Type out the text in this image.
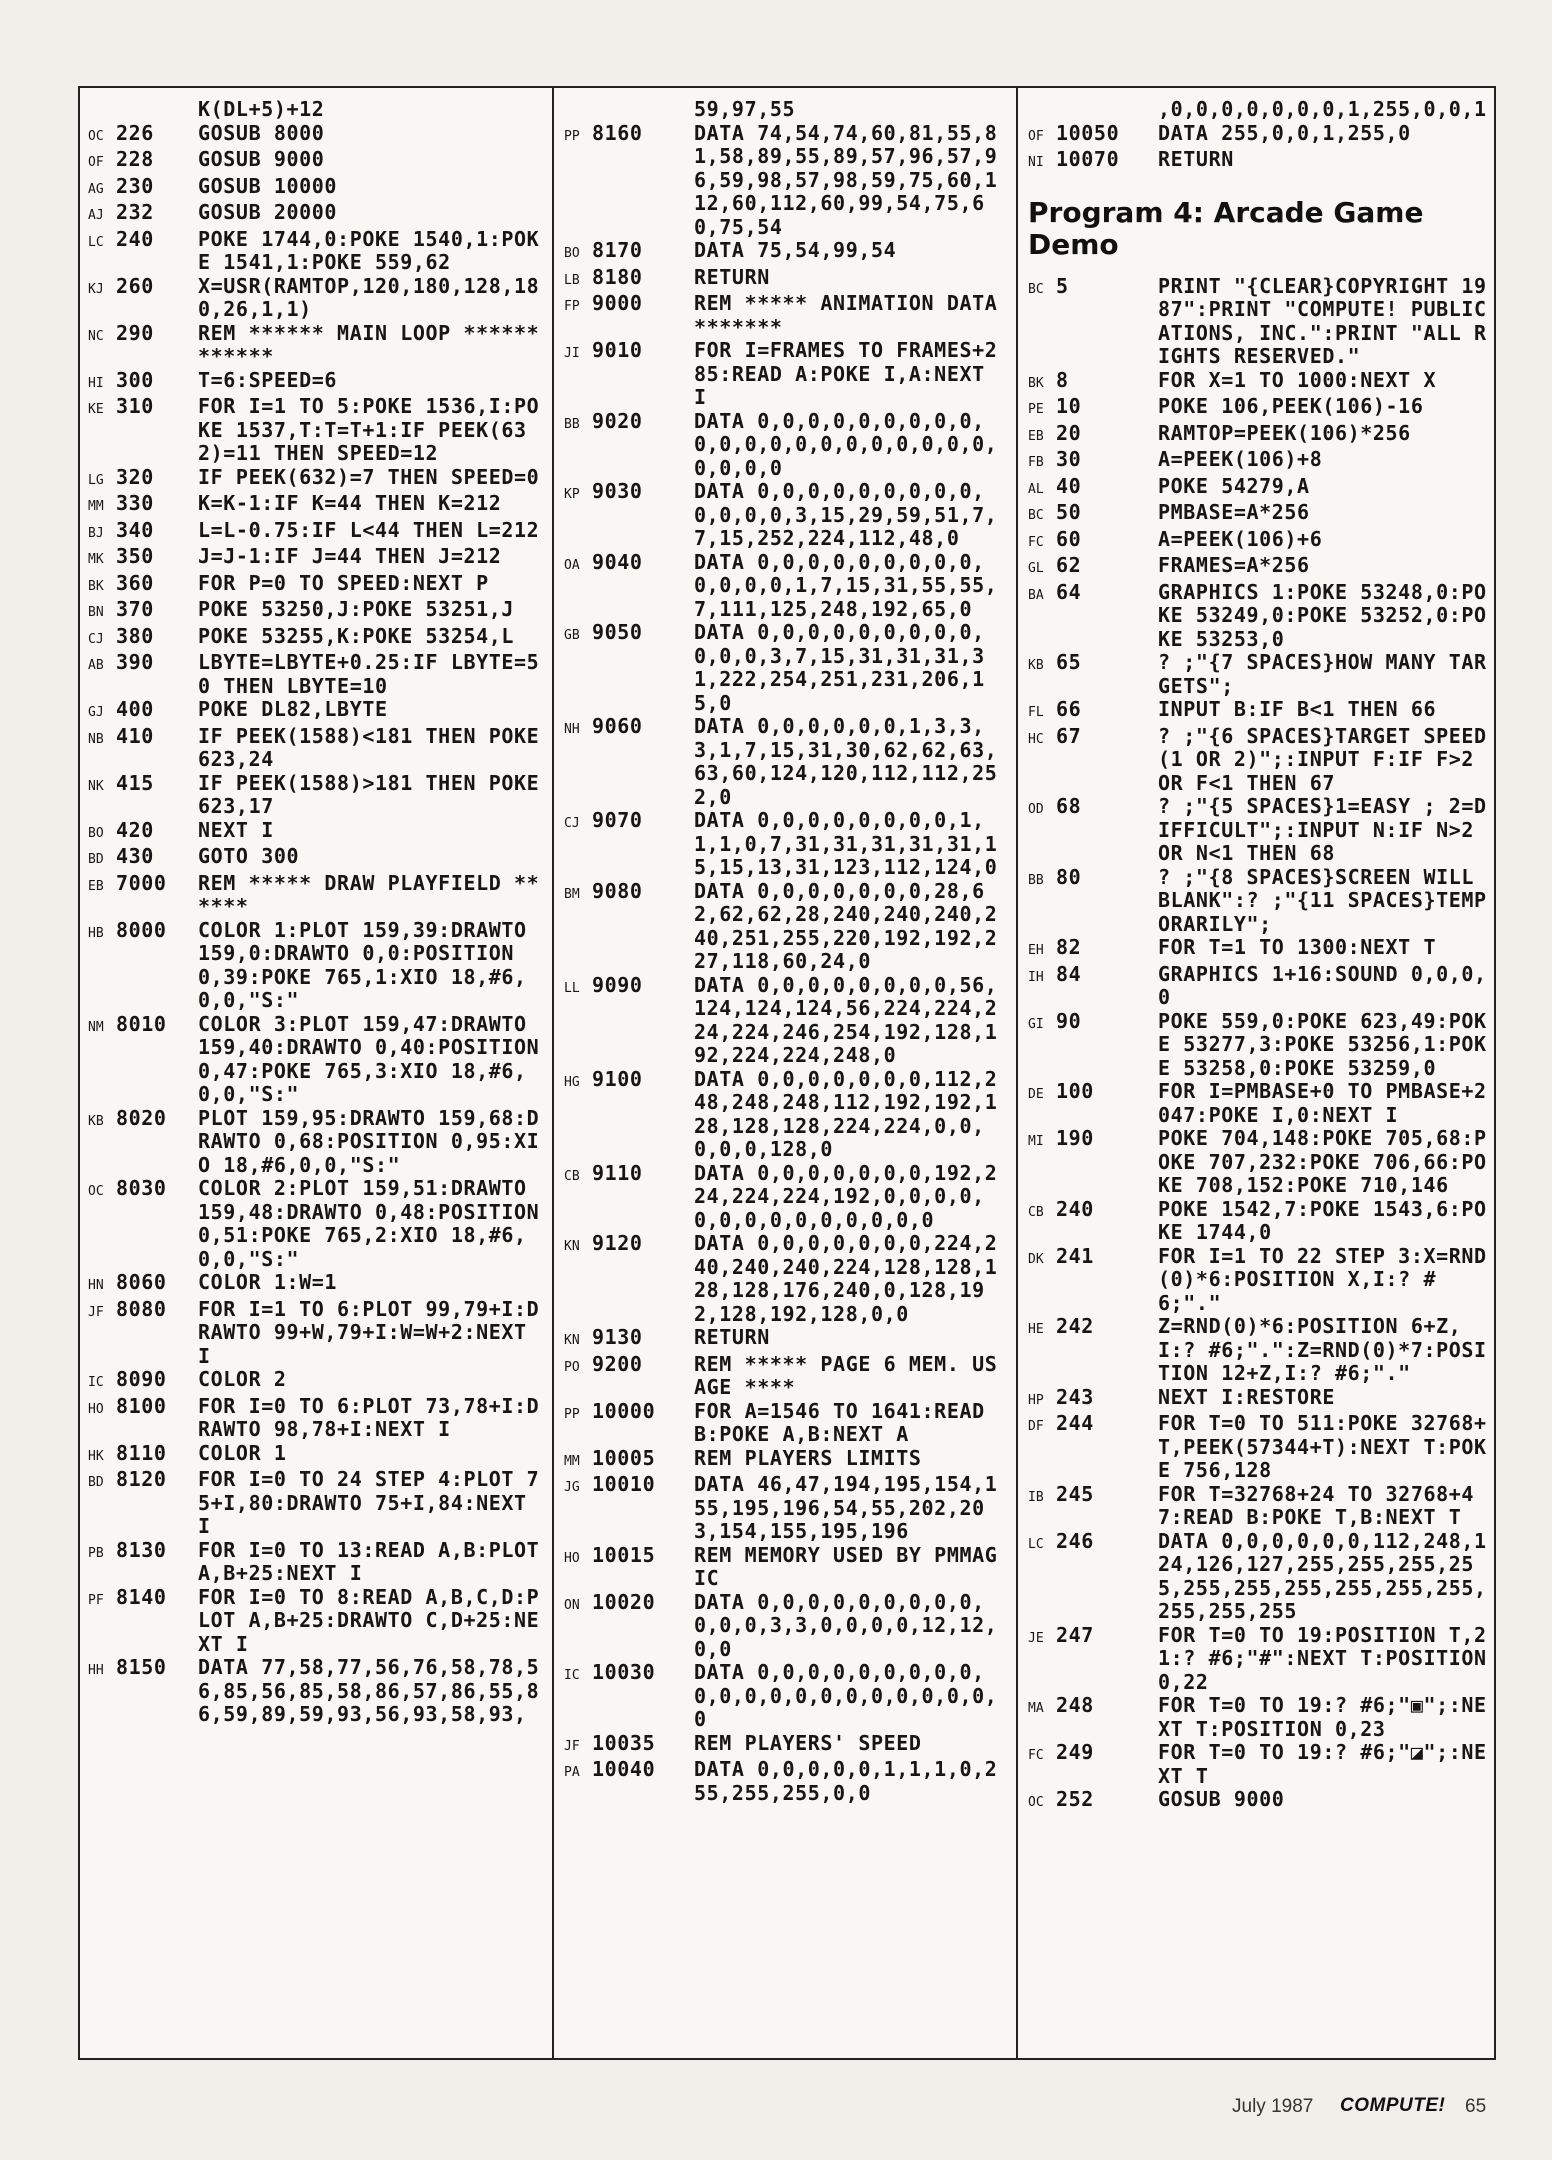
K(DL+5)+12
OC 226	GOSUB 8000
OF 228	GOSUB 9000
AG 230	GOSUB 10000
AJ 232	GOSUB 20000
LC 240	POKE 1744,0:POKE 1540,1:POKE 1541,1:POKE 559,62
KJ 260	X=USR(RAMTOP,120,180,128,180,26,1,1)
NC 290	REM ****** MAIN LOOP ************
HI 300	T=6:SPEED=6
KE 310	FOR I=1 TO 5:POKE 1536,I:POKE 1537,T:T=T+1:IF PEEK(632)=11 THEN SPEED=12
LG 320	IF PEEK(632)=7 THEN SPEED=0
MM 330	K=K-1:IF K=44 THEN K=212
BJ 340	L=L-0.75:IF L<44 THEN L=212
MK 350	J=J-1:IF J=44 THEN J=212
BK 360	FOR P=0 TO SPEED:NEXT P
BN 370	POKE 53250,J:POKE 53251,J
CJ 380	POKE 53255,K:POKE 53254,L
AB 390	LBYTE=LBYTE+0.25:IF LBYTE=50 THEN LBYTE=10
GJ 400	POKE DL82,LBYTE
NB 410	IF PEEK(1588)<181 THEN POKE 623,24
NK 415	IF PEEK(1588)>181 THEN POKE 623,17
BO 420	NEXT I
BD 430	GOTO 300
EB 7000	REM ***** DRAW PLAYFIELD ******
HB 8000	COLOR 1:PLOT 159,39:DRAWTO 159,0:DRAWTO 0,0:POSITION 0,39:POKE 765,1:XIO 18,#6,0,0,"S:"
NM 8010	COLOR 3:PLOT 159,47:DRAWTO 159,40:DRAWTO 0,40:POSITION 0,47:POKE 765,3:XIO 18,#6,0,0,"S:"
KB 8020	PLOT 159,95:DRAWTO 159,68:DRAWTO 0,68:POSITION 0,95:XIO 18,#6,0,0,"S:"
OC 8030	COLOR 2:PLOT 159,51:DRAWTO 159,48:DRAWTO 0,48:POSITION 0,51:POKE 765,2:XIO 18,#6,0,0,"S:"
HN 8060	COLOR 1:W=1
JF 8080	FOR I=1 TO 6:PLOT 99,79+I:DRAWTO 99+W,79+I:W=W+2:NEXT I
IC 8090	COLOR 2
HO 8100	FOR I=0 TO 6:PLOT 73,78+I:DRAWTO 98,78+I:NEXT I
HK 8110	COLOR 1
BD 8120	FOR I=0 TO 24 STEP 4:PLOT 75+I,80:DRAWTO 75+I,84:NEXT I
PB 8130	FOR I=0 TO 13:READ A,B:PLOT A,B+25:NEXT I
PF 8140	FOR I=0 TO 8:READ A,B,C,D:PLOT A,B+25:DRAWTO C,D+25:NEXT I
HH 8150	DATA 77,58,77,56,76,58,78,56,85,56,85,58,86,57,86,55,86,59,89,59,93,56,93,58,93,
59,97,55
PP 8160	DATA 74,54,74,60,81,55,81,58,89,55,89,57,96,57,96,59,98,57,98,59,75,60,112,60,112,60,99,54,75,60,75,54
BO 8170	DATA 75,54,99,54
LB 8180	RETURN
FP 9000	REM ***** ANIMATION DATA *******
JI 9010	FOR I=FRAMES TO FRAMES+285:READ A:POKE I,A:NEXT I
BB 9020	DATA 0,0,0,0,0,0,0,0,0,0,0,0,0,0,0,0,0,0,0,0,0,0,0,0,0
KP 9030	DATA 0,0,0,0,0,0,0,0,0,0,0,0,0,3,15,29,59,51,7,7,15,252,224,112,48,0
OA 9040	DATA 0,0,0,0,0,0,0,0,0,0,0,0,0,1,7,15,31,55,55,7,111,125,248,192,65,0
GB 9050	DATA 0,0,0,0,0,0,0,0,0,0,0,0,3,7,15,31,31,31,31,222,254,251,231,206,15,0
NH 9060	DATA 0,0,0,0,0,0,1,3,3,3,1,7,15,31,30,62,62,63,63,60,124,120,112,112,252,0
CJ 9070	DATA 0,0,0,0,0,0,0,0,1,1,1,0,7,31,31,31,31,31,15,15,13,31,123,112,124,0
BM 9080	DATA 0,0,0,0,0,0,0,28,62,62,62,28,240,240,240,240,251,255,220,192,192,227,118,60,24,0
LL 9090	DATA 0,0,0,0,0,0,0,0,56,124,124,124,56,224,224,224,224,246,254,192,128,192,224,224,248,0
HG 9100	DATA 0,0,0,0,0,0,0,112,248,248,248,112,192,192,128,128,128,224,224,0,0,0,0,0,128,0
CB 9110	DATA 0,0,0,0,0,0,0,192,224,224,224,192,0,0,0,0,0,0,0,0,0,0,0,0,0,0
KN 9120	DATA 0,0,0,0,0,0,0,224,240,240,240,224,128,128,128,128,176,240,0,128,192,128,192,128,0,0
KN 9130	RETURN
PO 9200	REM ***** PAGE 6 MEM. USAGE ****
PP 10000	FOR A=1546 TO 1641:READ B:POKE A,B:NEXT A
MM 10005	REM PLAYERS LIMITS
JG 10010	DATA 46,47,194,195,154,155,195,196,54,55,202,203,154,155,195,196
HO 10015	REM MEMORY USED BY PMMAGIC
ON 10020	DATA 0,0,0,0,0,0,0,0,0,0,0,0,3,3,0,0,0,0,12,12,0,0
IC 10030	DATA 0,0,0,0,0,0,0,0,0,0,0,0,0,0,0,0,0,0,0,0,0,0
JF 10035	REM PLAYERS' SPEED
PA 10040	DATA 0,0,0,0,0,1,1,1,0,255,255,255,0,0
,0,0,0,0,0,0,0,1,255,0,0,1
OF 10050	DATA 255,0,0,1,255,0
NI 10070	RETURN
Program 4: Arcade Game Demo
BC 5	PRINT "{CLEAR}COPYRIGHT 1987":PRINT "COMPUTE! PUBLICATIONS, INC.":PRINT "ALL RIGHTS RESERVED."
BK 8	FOR X=1 TO 1000:NEXT X
PE 10	POKE 106,PEEK(106)-16
EB 20	RAMTOP=PEEK(106)*256
FB 30	A=PEEK(106)+8
AL 40	POKE 54279,A
BC 50	PMBASE=A*256
FC 60	A=PEEK(106)+6
GL 62	FRAMES=A*256
BA 64	GRAPHICS 1:POKE 53248,0:POKE 53249,0:POKE 53252,0:POKE 53253,0
KB 65	? ;"{7 SPACES}HOW MANY TARGETS";
FL 66	INPUT B:IF B<1 THEN 66
HC 67	? ;"{6 SPACES}TARGET SPEED (1 OR 2)";:INPUT F:IF F>2 OR F<1 THEN 67
OD 68	? ;"{5 SPACES}1=EASY ; 2=DIFFICULT";:INPUT N:IF N>2 OR N<1 THEN 68
BB 80	? ;"{8 SPACES}SCREEN WILL BLANK":? ;"{11 SPACES}TEMPORARILY";
EH 82	FOR T=1 TO 1300:NEXT T
IH 84	GRAPHICS 1+16:SOUND 0,0,0,0
GI 90	POKE 559,0:POKE 623,49:POKE 53277,3:POKE 53256,1:POKE 53258,0:POKE 53259,0
DE 100	FOR I=PMBASE+0 TO PMBASE+2047:POKE I,0:NEXT I
MI 190	POKE 704,148:POKE 705,68:POKE 707,232:POKE 706,66:POKE 708,152:POKE 710,146
CB 240	POKE 1542,7:POKE 1543,6:POKE 1744,0
DK 241	FOR I=1 TO 22 STEP 3:X=RND(0)*6:POSITION X,I:? #6;"."
HE 242	Z=RND(0)*6:POSITION 6+Z,I:? #6;".":Z=RND(0)*7:POSITION 12+Z,I:? #6;"."
HP 243	NEXT I:RESTORE
DF 244	FOR T=0 TO 511:POKE 32768+T,PEEK(57344+T):NEXT T:POKE 756,128
IB 245	FOR T=32768+24 TO 32768+47:READ B:POKE T,B:NEXT T
LC 246	DATA 0,0,0,0,0,0,112,248,124,126,127,255,255,255,255,255,255,255,255,255,255,255,255,255
JE 247	FOR T=0 TO 19:POSITION T,21:? #6;"#":NEXT T:POSITION 0,22
MA 248	FOR T=0 TO 19:? #6;"▣";:NEXT T:POSITION 0,23
FC 249	FOR T=0 TO 19:? #6;"◪";:NEXT T
OC 252	GOSUB 9000
July 1987 COMPUTE! 65
